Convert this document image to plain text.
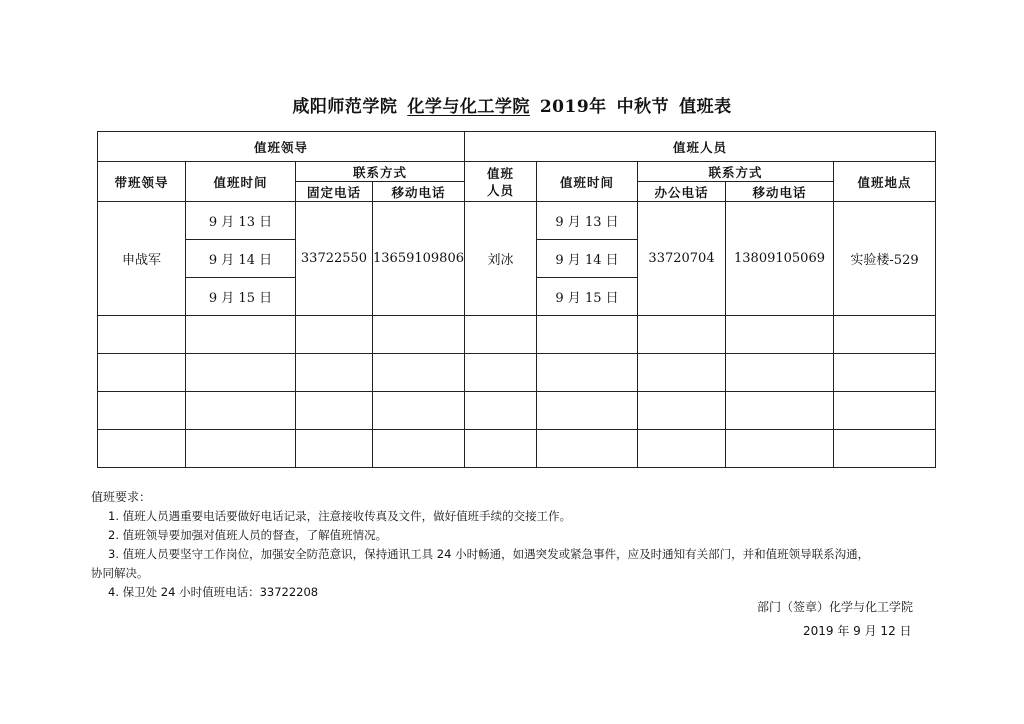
咸阳师范学院 化学与化工学院 2019年 中秋节 值班表
值班领导				值班人员				
带班领导	值班时间	联系方式		值班人员	值班时间	联系方式		值班地点
		固定电话	移动电话			办公电话	移动电话	
申战军	9 月 13 日	33722550	13659109806	刘冰	9 月 13 日	33720704	13809105069	实验楼-529
	9 月 14 日				9 月 14 日			
	9 月 15 日				9 月 15 日			

值班要求：

1. 值班人员遇重要电话要做好电话记录，注意接收传真及文件，做好值班手续的交接工作。

2. 值班领导要加强对值班人员的督查，了解值班情况。

3. 值班人员要坚守工作岗位，加强安全防范意识，保持通讯工具 24 小时畅通，如遇突发或紧急事件，应及时通知有关部门，并和值班领导联系沟通，

协同解决。

4. 保卫处 24 小时值班电话：33722208

部门（签章）化学与化工学院
2019 年 9 月 12 日
